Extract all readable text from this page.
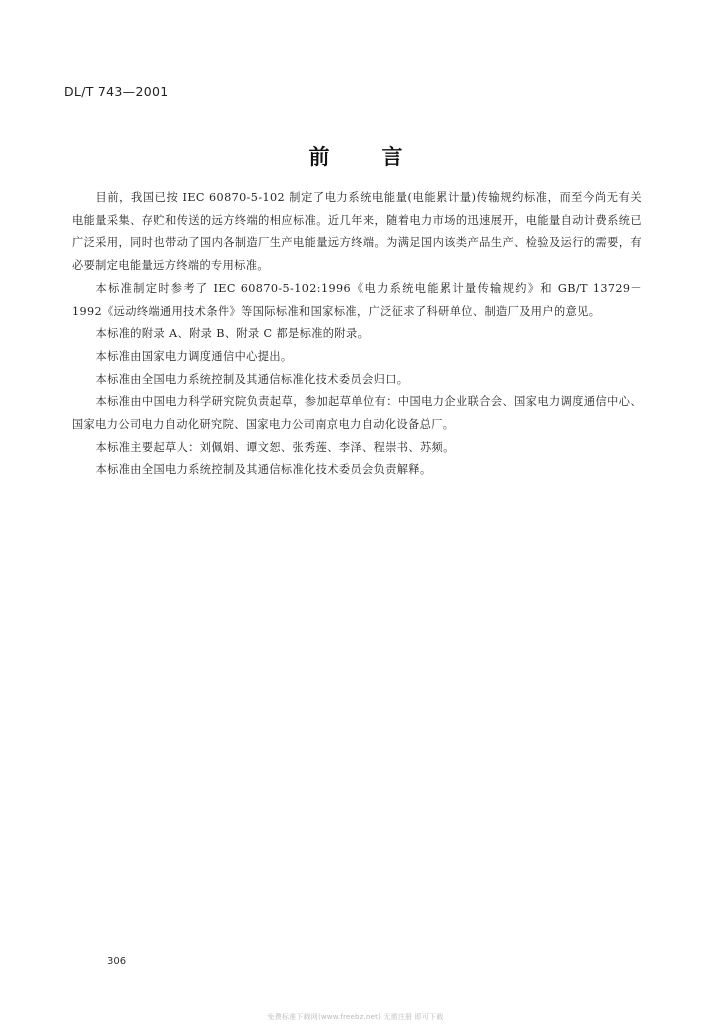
DL/T 743—2001
前 言

目前，我国已按 IEC 60870-5-102 制定了电力系统电能量(电能累计量)传输规约标准，而至今尚无有关电能量采集、存贮和传送的远方终端的相应标准。近几年来，随着电力市场的迅速展开，电能量自动计费系统已广泛采用，同时也带动了国内各制造厂生产电能量远方终端。为满足国内该类产品生产、检验及运行的需要，有必要制定电能量远方终端的专用标准。

本标准制定时参考了 IEC 60870-5-102:1996《电力系统电能累计量传输规约》和 GB/T 13729－1992《远动终端通用技术条件》等国际标准和国家标准，广泛征求了科研单位、制造厂及用户的意见。

本标准的附录 A、附录 B、附录 C 都是标准的附录。

本标准由国家电力调度通信中心提出。

本标准由全国电力系统控制及其通信标准化技术委员会归口。

本标准由中国电力科学研究院负责起草，参加起草单位有：中国电力企业联合会、国家电力调度通信中心、国家电力公司电力自动化研究院、国家电力公司南京电力自动化设备总厂。

本标准主要起草人：刘佩娟、谭文恕、张秀莲、李泽、程崇书、苏频。

本标准由全国电力系统控制及其通信标准化技术委员会负责解释。

306
免费标准下载网(www.freebz.net) 无需注册 即可下载
